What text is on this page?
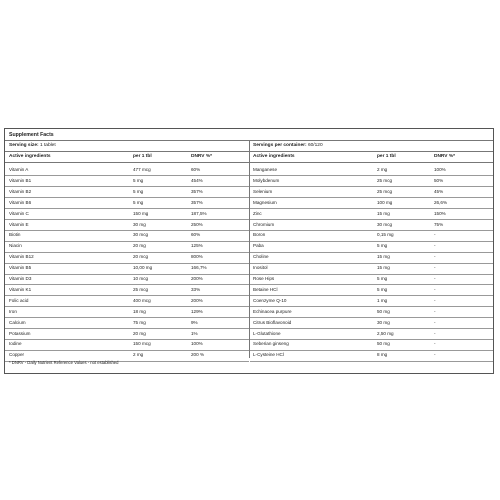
Supplement Facts
Serving size: 1 tablet	Servings per container: 60/120
Active ingredients	per 1 tbl	DNRV %*	Active ingredients	per 1 tbl	DNRV %*
Vitamin A	477 mcg	60%
Vitamin B1	5 mg	454%
Vitamin B2	5 mg	357%
Vitamin B6	5 mg	357%
Vitamin C	150 mg	187,5%
Vitamin E	30 mg	250%
Biotin	30 mcg	60%
Niacin	20 mg	125%
Vitamin B12	20 mcg	800%
Vitamin B5	10,00 mg	166,7%
Vitamin D3	10 mcg	200%
Vitamin K1	25 mcg	33%
Folic acid	400 mcg	200%
Iron	18 mg	129%
Calcium	75 mg	9%
Potassium	20 mg	1%
Iodine	150 mcg	100%
Copper	2 mg	200 %
Manganese	2 mg	100%
Molybdenum	25 mcg	50%
Selenium	25 mcg	45%
Magnesium	100 mg	26,6%
Zinc	15 mg	150%
Chromium	30 mcg	75%
Boron	0,15 mg	-
Paba	5 mg	-
Choline	15 mg	-
Inositol	15 mg	-
Rose Hips	5 mg	-
Betaine HCl	5 mg	-
Coenzyme Q-10	1 mg	-
Echinacea purpure	50 mg	-
Citrus Bioflavonoid	30 mg	-
L-Glutathione	2,50 mg	-
Seberian ginseng	50 mg	-
L-Cysteine HCl	8 mg	-
* DNRV - Daily Nutrient Reference Values - not established
